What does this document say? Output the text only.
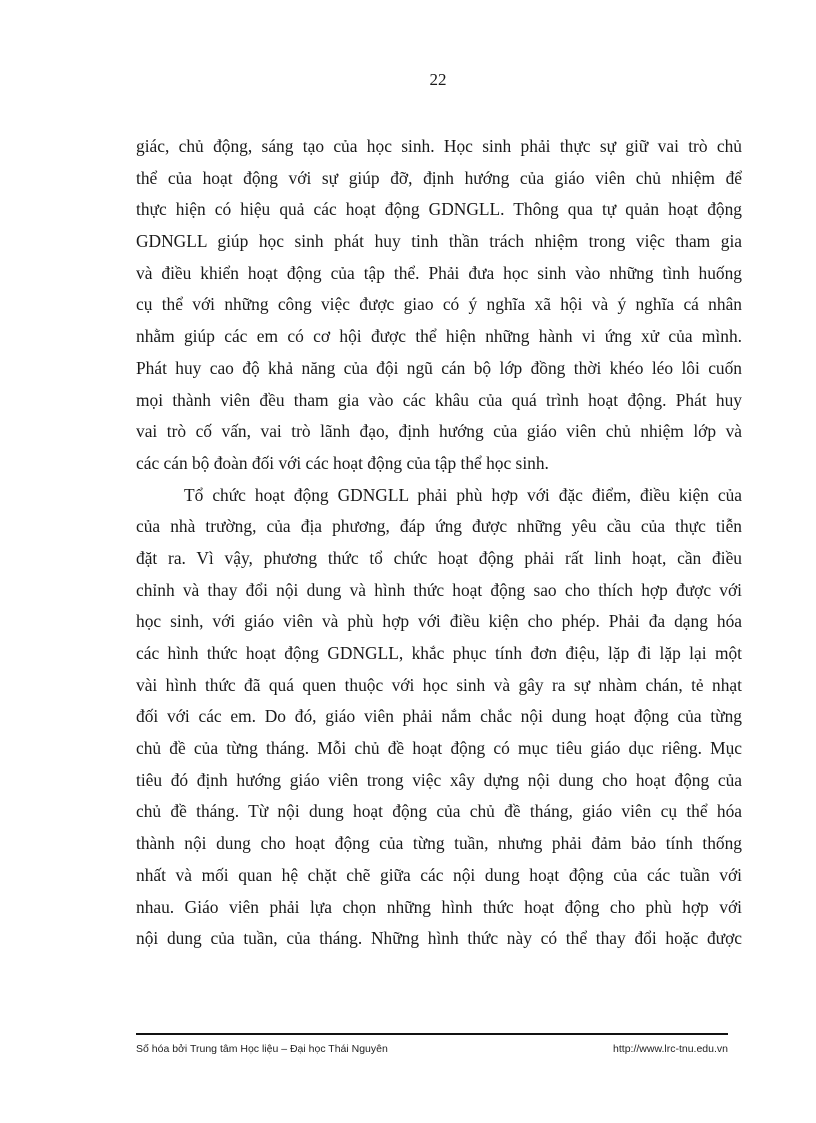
22
giác, chủ động, sáng tạo của học sinh. Học sinh phải thực sự giữ vai trò chủ
thể của hoạt động với sự giúp đỡ, định hướng của giáo viên chủ nhiệm để
thực hiện có hiệu quả các hoạt động GDNGLL. Thông qua tự quản hoạt động
GDNGLL giúp học sinh phát huy tinh thần trách nhiệm trong việc tham gia
và điều khiển hoạt động của tập thể. Phải đưa học sinh vào những tình huống
cụ thể với những công việc được giao có ý nghĩa xã hội và ý nghĩa cá nhân
nhằm giúp các em có cơ hội được thể hiện những hành vi ứng xử của mình.
Phát huy cao độ khả năng của đội ngũ cán bộ lớp đồng thời khéo léo lôi cuốn
mọi thành viên đều tham gia vào các khâu của quá trình hoạt động. Phát huy
vai trò cố vấn, vai trò lãnh đạo, định hướng của giáo viên chủ nhiệm lớp và
các cán bộ đoàn đối với các hoạt động của tập thể học sinh.
Tổ chức hoạt động GDNGLL phải phù hợp với đặc điểm, điều kiện của
của nhà trường, của địa phương, đáp ứng được những yêu cầu của thực tiễn
đặt ra. Vì vậy, phương thức tổ chức hoạt động phải rất linh hoạt, cần điều
chỉnh và thay đổi nội dung và hình thức hoạt động sao cho thích hợp được với
học sinh, với giáo viên và phù hợp với điều kiện cho phép. Phải đa dạng hóa
các hình thức hoạt động GDNGLL, khắc phục tính đơn điệu, lặp đi lặp lại một
vài hình thức đã quá quen thuộc với học sinh và gây ra sự nhàm chán, tẻ nhạt
đối với các em. Do đó, giáo viên phải nắm chắc nội dung hoạt động của từng
chủ đề của từng tháng. Mỗi chủ đề hoạt động có mục tiêu giáo dục riêng. Mục
tiêu đó định hướng giáo viên trong việc xây dựng nội dung cho hoạt động của
chủ đề tháng. Từ nội dung hoạt động của chủ đề tháng, giáo viên cụ thể hóa
thành nội dung cho hoạt động của từng tuần, nhưng phải đảm bảo tính thống
nhất và mối quan hệ chặt chẽ giữa các nội dung hoạt động của các tuần với
nhau. Giáo viên phải lựa chọn những hình thức hoạt động cho phù hợp với
nội dung của tuần, của tháng. Những hình thức này có thể thay đổi hoặc được
Số hóa bởi Trung tâm Học liệu – Đại học Thái Nguyên	http://www.lrc-tnu.edu.vn
